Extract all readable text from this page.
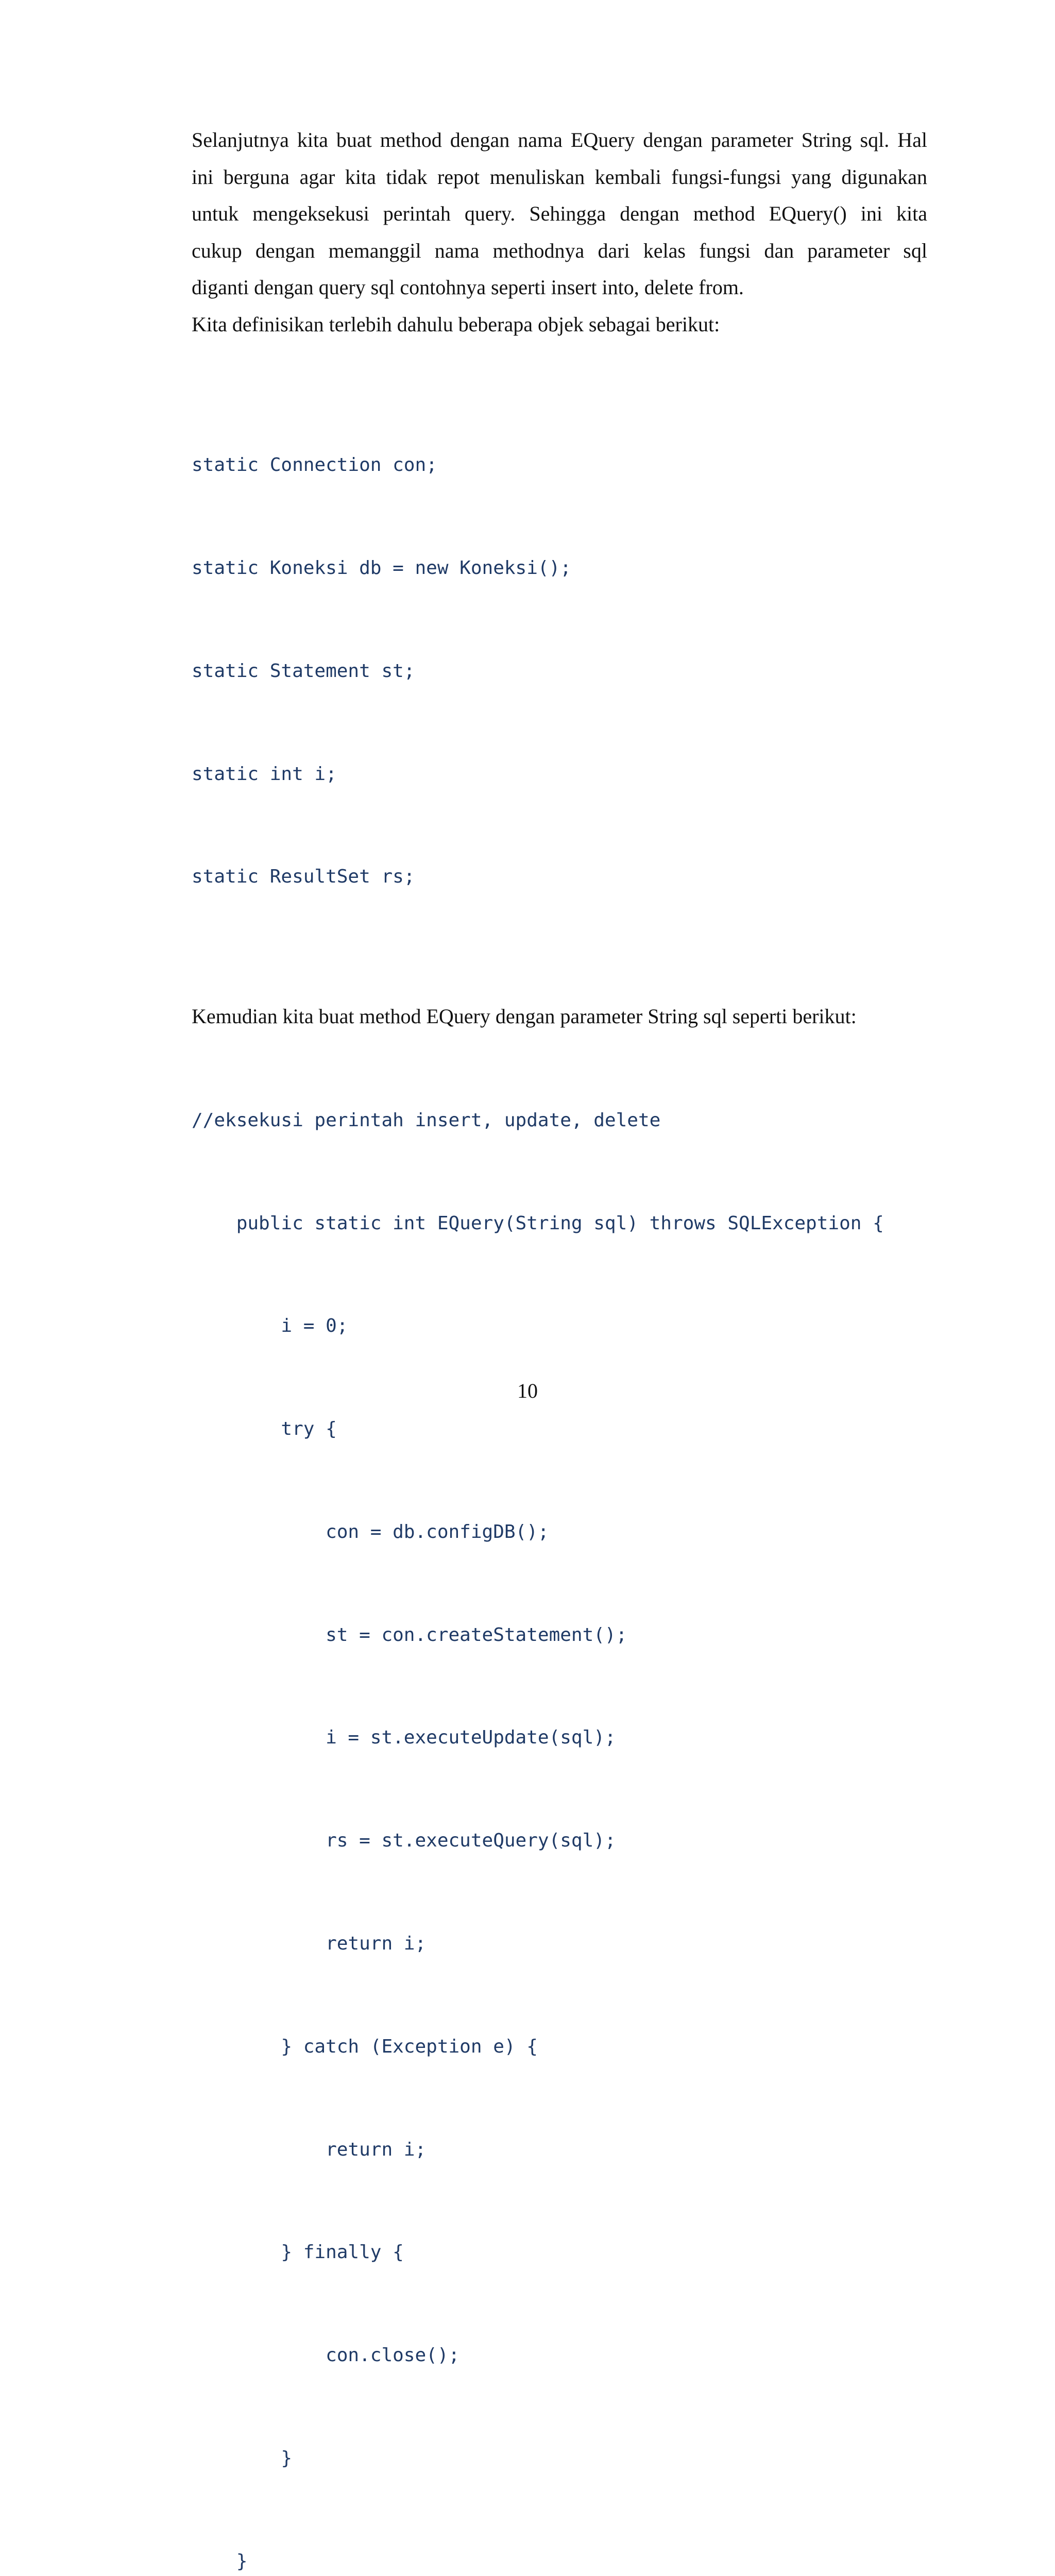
Selanjutnya kita buat method dengan nama EQuery dengan parameter String sql. Hal

ini berguna agar kita tidak repot menuliskan kembali fungsi-fungsi yang digunakan

untuk mengeksekusi perintah query. Sehingga dengan method EQuery() ini kita

cukup dengan memanggil nama methodnya dari kelas fungsi dan parameter sql

diganti dengan query sql contohnya seperti insert into, delete from.

Kita definisikan terlebih dahulu beberapa objek sebagai berikut:

static Connection con;

static Koneksi db = new Koneksi();

static Statement st;

static int i;

static ResultSet rs;

Kemudian kita buat method EQuery dengan parameter String sql seperti berikut:

//eksekusi perintah insert, update, delete

public static int EQuery(String sql) throws SQLException {

i = 0;

try {

con = db.configDB();

st = con.createStatement();

i = st.executeUpdate(sql);

rs = st.executeQuery(sql);

return i;

} catch (Exception e) {

return i;

} finally {

con.close();

}

}

10
